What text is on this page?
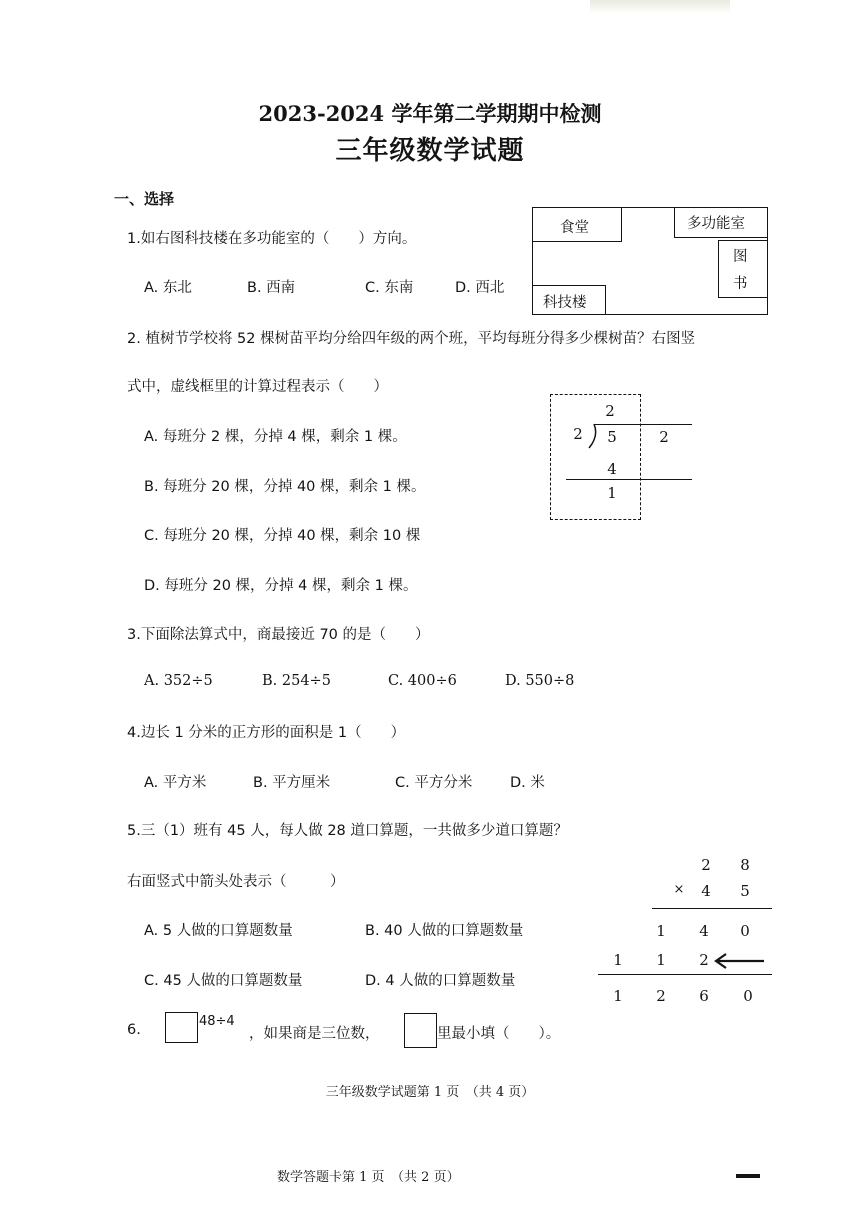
2023-2024 学年第二学期期中检测
三年级数学试题
一、选择
1.如右图科技楼在多功能室的（　　）方向。
A. 东北	B. 西南	C. 东南	D. 西北
食堂	多功能室
图
书
科技楼
2. 植树节学校将 52 棵树苗平均分给四年级的两个班，平均每班分得多少棵树苗？右图竖
式中，虚线框里的计算过程表示（　　）
A. 每班分 2 棵，分掉 4 棵，剩余 1 棵。
B. 每班分 20 棵，分掉 40 棵，剩余 1 棵。
C. 每班分 20 棵，分掉 40 棵，剩余 10 棵
D. 每班分 20 棵，分掉 4 棵，剩余 1 棵。
2
2	5	2
4
1
3.下面除法算式中，商最接近 70 的是（　　）
A. 352÷5	B. 254÷5	C. 400÷6	D. 550÷8
4.边长 1 分米的正方形的面积是 1（　　）
A. 平方米	B. 平方厘米	C. 平方分米	D. 米
5.三（1）班有 45 人，每人做 28 道口算题，一共做多少道口算题？
右面竖式中箭头处表示（　　　）
A. 5 人做的口算题数量	B. 40 人做的口算题数量
C. 45 人做的口算题数量	D. 4 人做的口算题数量
2	8
×	4	5
1	4	0
1	1	2
1	2	6	0
6.
48÷4
，如果商是三位数，	里最小填（　　）。
三年级数学试题第 1 页　（共 4 页）
数学答题卡第 1 页　（共 2 页）
